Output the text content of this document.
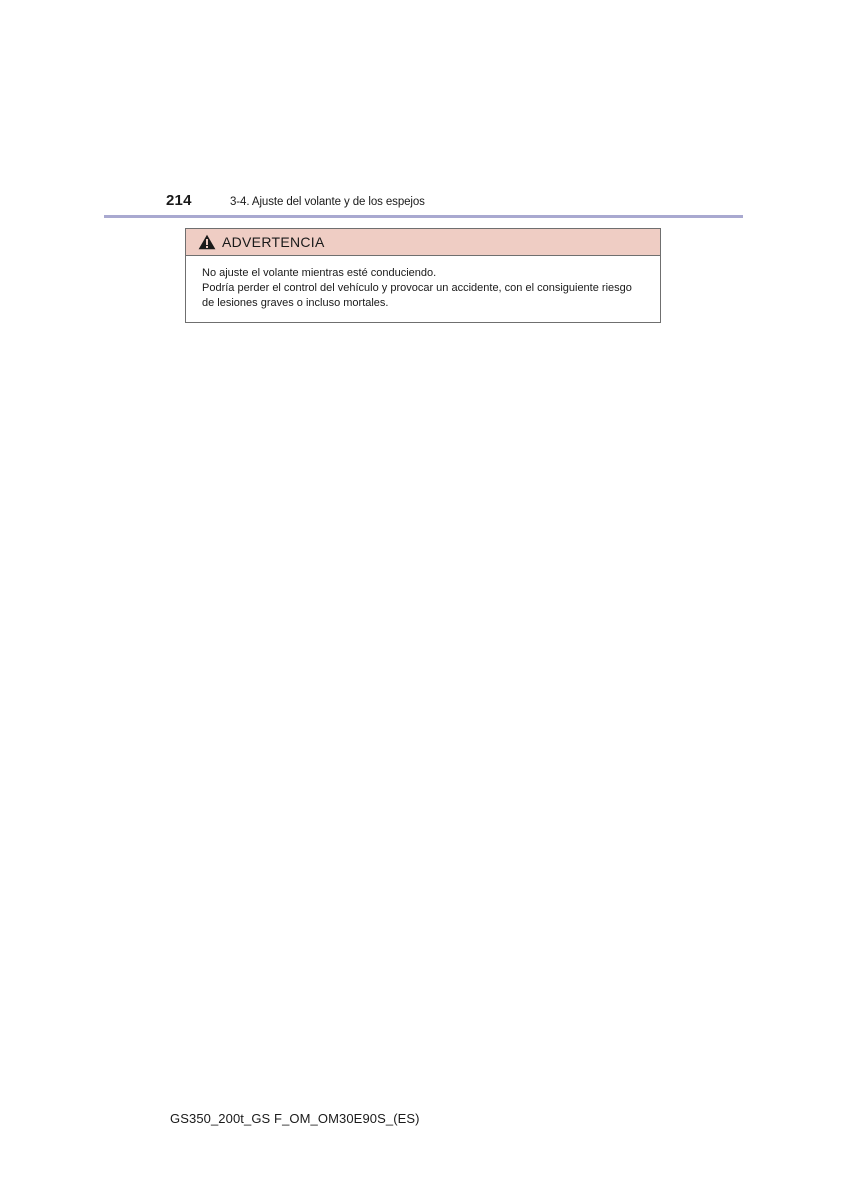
214	3-4. Ajuste del volante y de los espejos
ADVERTENCIA

No ajuste el volante mientras esté conduciendo.

Podría perder el control del vehículo y provocar un accidente, con el consiguiente riesgo

de lesiones graves o incluso mortales.

GS350_200t_GS F_OM_OM30E90S_(ES)
